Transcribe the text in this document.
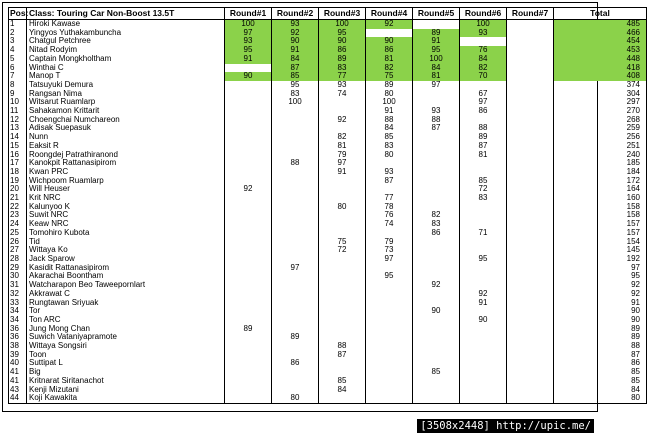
Pos:	Class: Touring Car Non-Boost 13.5T	Round#1	Round#2	Round#3	Round#4	Round#5	Round#6	Round#7	Total
1	Hiroki Kawase	100	93	100	92		100		485
2	Yingyos Yuthakambuncha	97	92	95		89	93		466
3	Chatgul Petchree	93	90	90	90	91			454
4	Nitad Rodyim	95	91	86	86	95	76		453
5	Captain Mongkholtham	91	84	89	81	100	84		448
6	Winthai C		87	83	82	84	82		418
7	Manop T	90	85	77	75	81	70		408
8	Tatsuyuki Demura		95	93	89	97			374
9	Rangsan Nima		83	74	80		67		304
10	Witsarut Ruamlarp		100		100		97		297
11	Sahakamon Krittarit				91	93	86		270
12	Choengchai Numchareon			92	88	88			268
13	Adisak Suepasuk				84	87	88		259
14	Nunn			82	85		89		256
15	Eaksit R			81	83		87		251
16	Roongdej Patrathiranond			79	80		81		240
17	Kanokpit Rattanasipirom		88	97					185
18	Kwan PRC			91	93				184
19	Wichpoom Ruamlarp				87		85		172
20	Will Heuser	92					72		164
21	Krit NRC				77		83		160
22	Kalunyoo K			80	78				158
23	Suwit NRC				76	82			158
24	Keaw NRC				74	83			157
25	Tomohiro Kubota					86	71		157
26	Tid			75	79				154
27	Wittaya Ko			72	73				145
28	Jack Sparow				97		95		192
29	Kasidit Rattanasipirom		97						97
30	Akarachai Boontham				95				95
31	Watcharapon Beo Taweepornlart					92			92
32	Akkrawat C						92		92
33	Rungtawan Sriyuak						91		91
34	Tor					90			90
34	Ton ARC						90		90
36	Jung Mong Chan	89							89
36	Suwich Vataniyapramote		89						89
38	Wittaya Songsiri			88					88
39	Toon			87					87
40	Suttipat L		86						86
41	Big					85			85
41	Kritnarat Siritanachot			85					85
43	Kenji Mizutani			84					84
44	Koji Kawakita		80						80
[3508x2448] http://upic.me/
